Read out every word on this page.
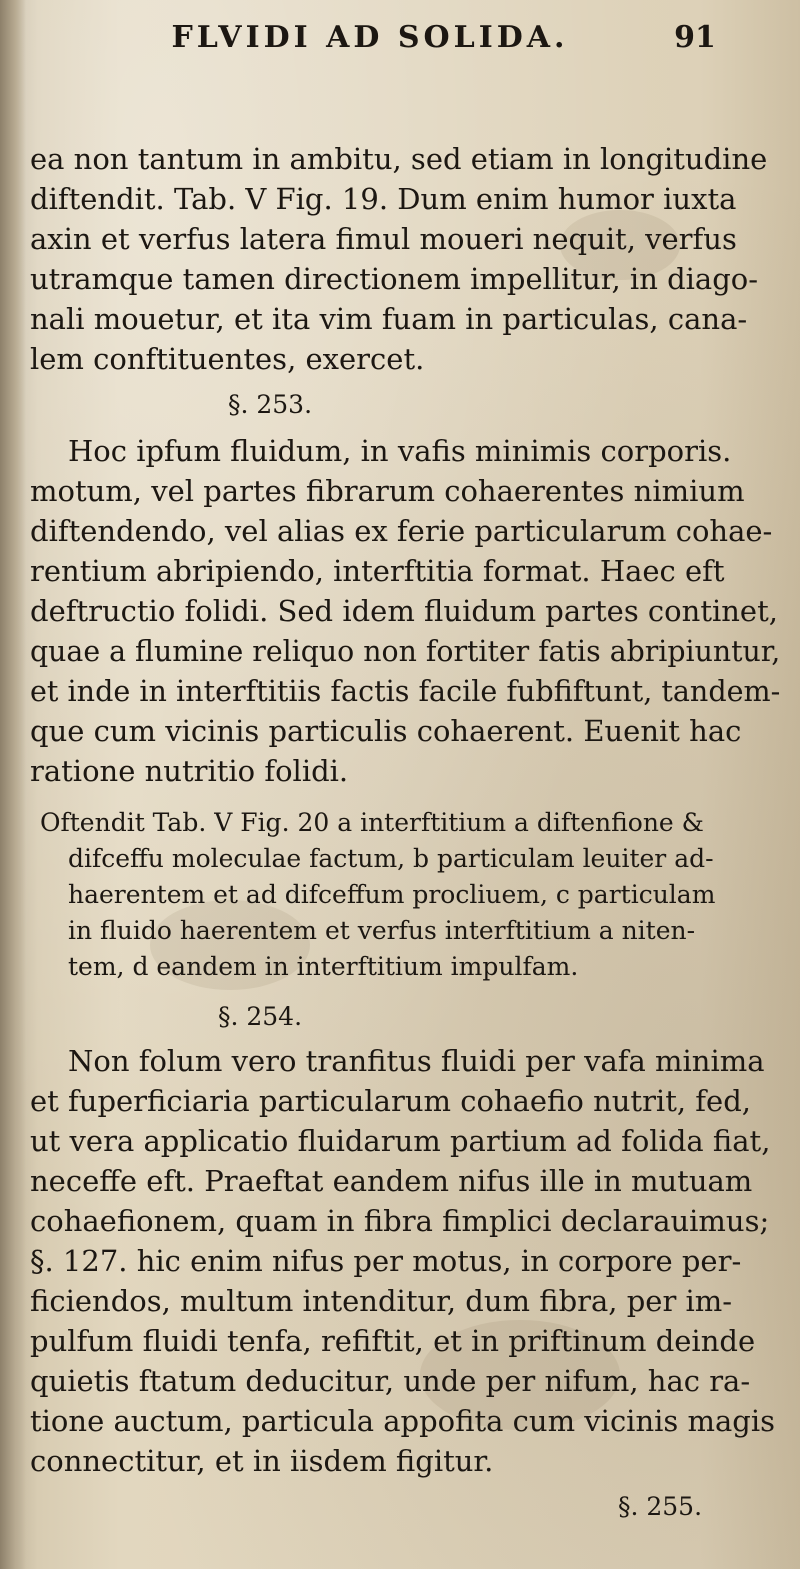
FLVIDI AD SOLIDA.	91
ea non tantum in ambitu, sed etiam in longitudine
diftendit. Tab. V Fig. 19. Dum enim humor iuxta
axin et verfus latera fimul moueri nequit, verfus
utramque tamen directionem impellitur, in diago-
nali mouetur, et ita vim fuam in particulas, cana-
lem conftituentes, exercet.
§. 253.
Hoc ipfum fluidum, in vafis minimis corporis.
motum, vel partes fibrarum cohaerentes nimium
diftendendo, vel alias ex ferie particularum cohae-
rentium abripiendo, interftitia format. Haec eft
deftructio folidi. Sed idem fluidum partes continet,
quae a flumine reliquo non fortiter fatis abripiuntur,
et inde in interftitiis factis facile fubfiftunt, tandem-
que cum vicinis particulis cohaerent. Euenit hac
ratione nutritio folidi.
Oftendit Tab. V Fig. 20 a interftitium a diftenfione &
difceffu moleculae factum, b particulam leuiter ad-
haerentem et ad difceffum procliuem, c particulam
in fluido haerentem et verfus interftitium a niten-
tem, d eandem in interftitium impulfam.
§. 254.
Non folum vero tranfitus fluidi per vafa minima
et fuperficiaria particularum cohaefio nutrit, fed,
ut vera applicatio fluidarum partium ad folida fiat,
neceffe eft. Praeftat eandem nifus ille in mutuam
cohaefionem, quam in fibra fimplici declarauimus;
§. 127. hic enim nifus per motus, in corpore per-
ficiendos, multum intenditur, dum fibra, per im-
pulfum fluidi tenfa, refiftit, et in priftinum deinde
quietis ftatum deducitur, unde per nifum, hac ra-
tione auctum, particula appofita cum vicinis magis
connectitur, et in iisdem figitur.
§. 255.
